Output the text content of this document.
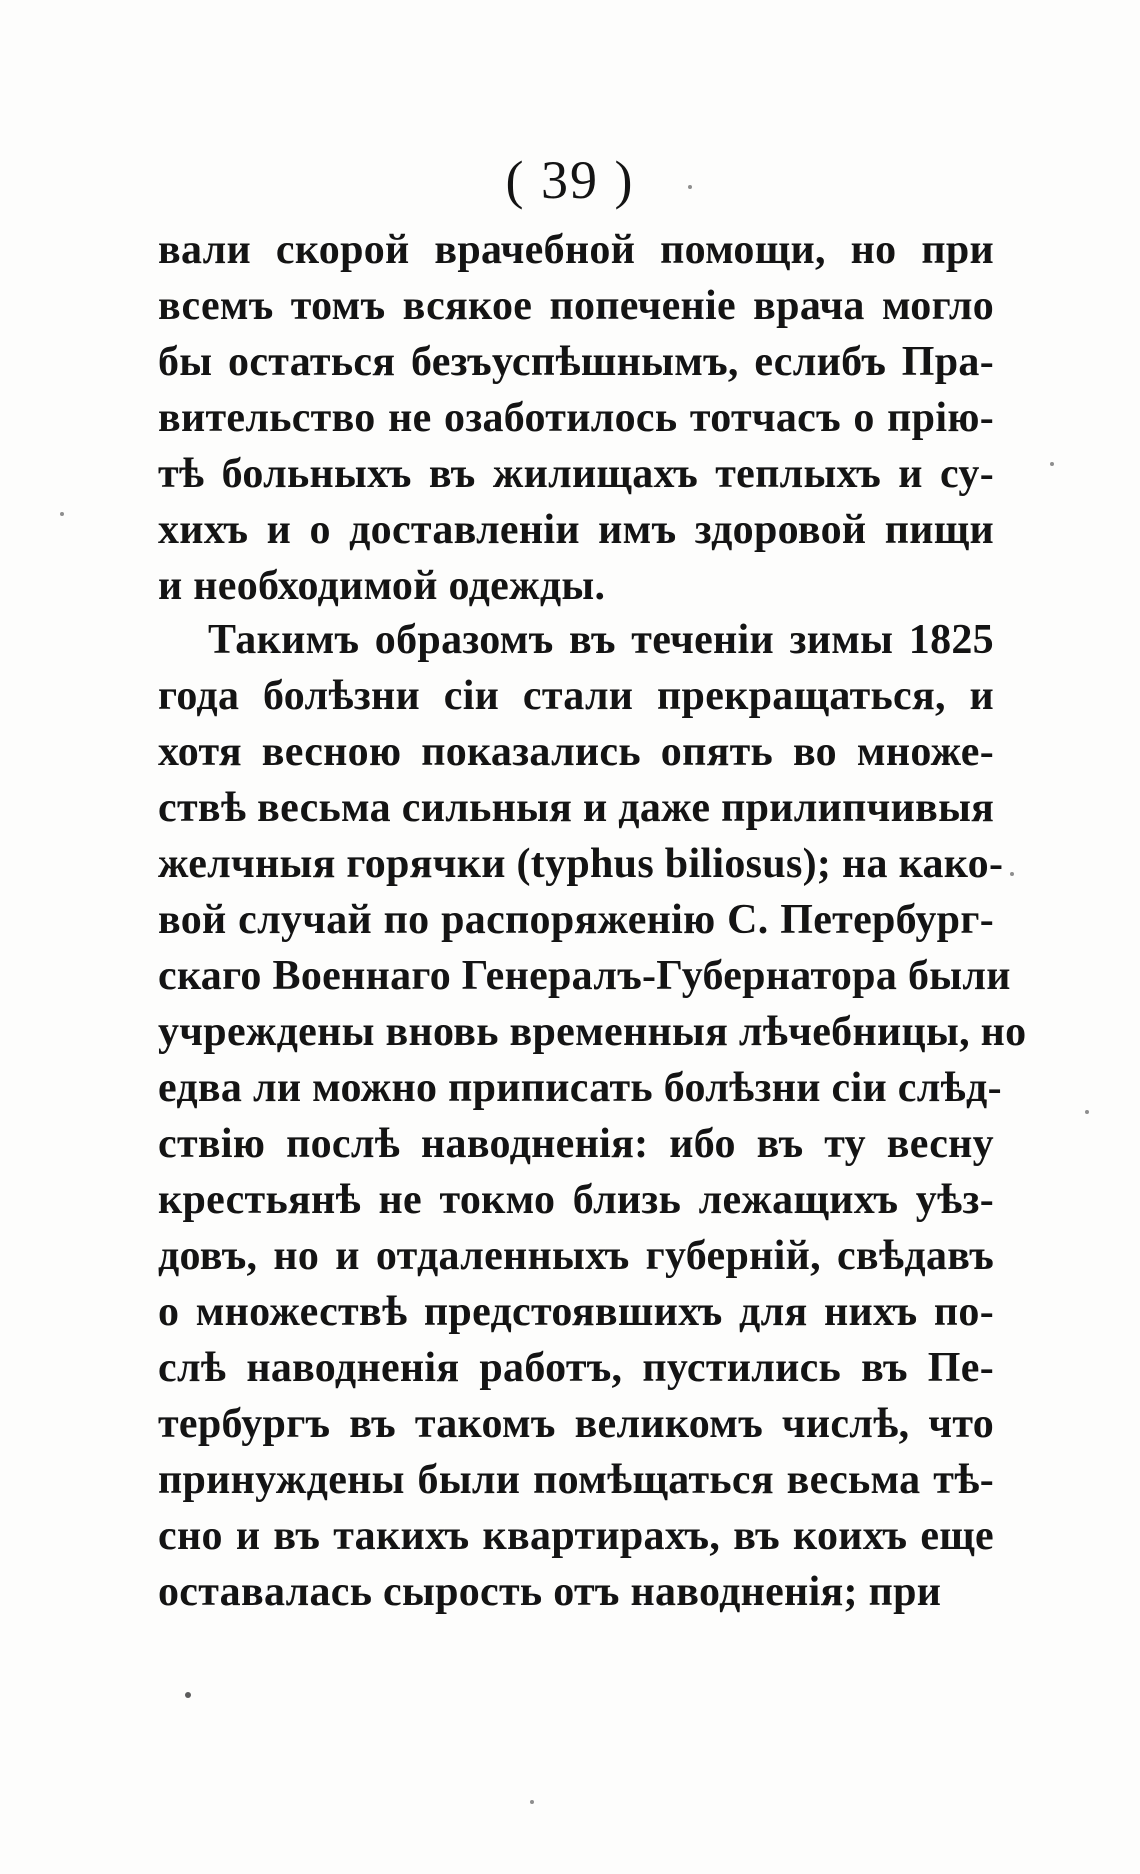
( 39 )
вали скорой врачебной помощи, но при
всемъ томъ всякое попеченіе врача могло
бы остаться безъуспѣшнымъ, еслибъ Пра-
вительство не озаботилось тотчасъ о прію-
тѣ больныхъ въ жилищахъ теплыхъ и су-
хихъ и о доставленіи имъ здоровой пищи
и необходимой одежды.
Такимъ образомъ въ теченіи зимы 1825
года болѣзни сіи стали прекращаться, и
хотя весною показались опять во множе-
ствѣ весьма сильныя и даже прилипчивыя
желчныя горячки (typhus biliosus); на како-
вой случай по распоряженію С. Петербург-
скаго Военнаго Генералъ-Губернатора были
учреждены вновь временныя лѣчебницы, но
едва ли можно приписать болѣзни сіи слѣд-
ствію послѣ наводненія: ибо въ ту весну
крестьянѣ не токмо близь лежащихъ уѣз-
довъ, но и отдаленныхъ губерній, свѣдавъ
о множествѣ предстоявшихъ для нихъ по-
слѣ наводненія работъ, пустились въ Пе-
тербургъ въ такомъ великомъ числѣ, что
принуждены были помѣщаться весьма тѣ-
сно и въ такихъ квартирахъ, въ коихъ еще
оставалась сырость отъ наводненія; при
